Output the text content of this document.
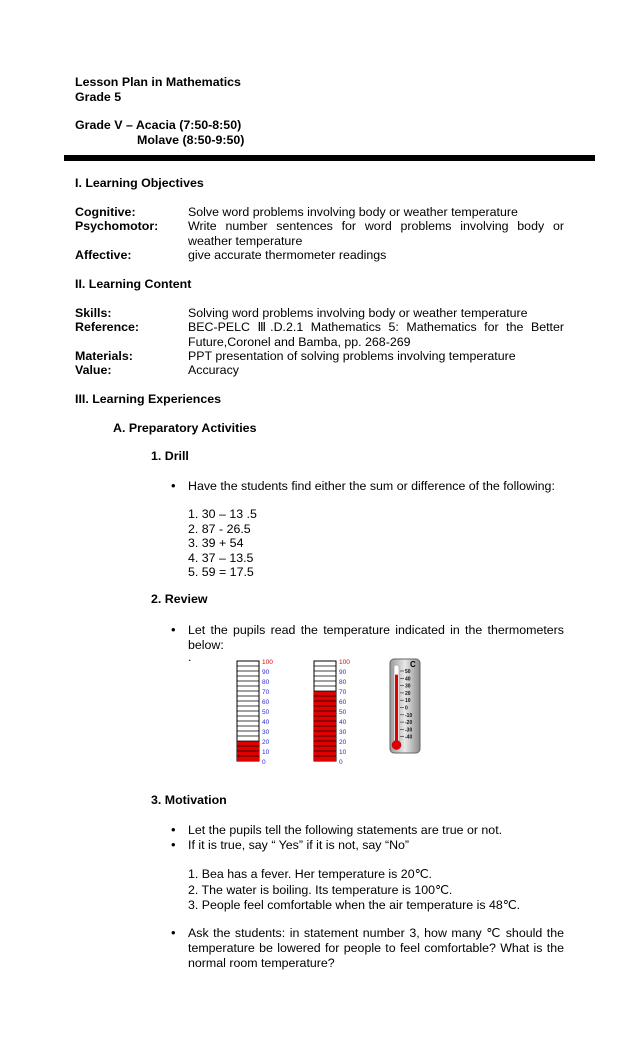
Lesson Plan in Mathematics
Grade 5
Grade V – Acacia (7:50-8:50)
Molave (8:50-9:50)
I. Learning Objectives
Cognitive:	Solve word problems involving body or weather temperature
Psychomotor: Write number sentences for word problems involving body or weather temperature
Affective:	give accurate thermometer readings
II. Learning Content
Skills:	Solving word problems involving body or weather temperature
Reference:	BEC-PELC Ⅲ.D.2.1 Mathematics 5: Mathematics for the Better Future,Coronel and Bamba, pp. 268-269
Materials:	PPT presentation of solving problems involving temperature
Value:	Accuracy
III. Learning Experiences
A. Preparatory Activities
1. Drill
• Have the students find either the sum or difference of the following:
1. 30 – 13 .5
2. 87 - 26.5
3. 39 + 54
4. 37 – 13.5
5. 59 = 17.5
2. Review
• Let the pupils read the temperature indicated in the thermometers below:
.	100
90
80
70
60
50
40
30
20
10
0
100
90
80
70
60
50
40
30
20
10
0
C
50
40
30
20
10
0
-10
-20
-30
-40
3. Motivation
• Let the pupils tell the following statements are true or not.
• If it is true, say “ Yes” if it is not, say “No”
1. Bea has a fever. Her temperature is 20℃.
2. The water is boiling. Its temperature is 100℃.
3. People feel comfortable when the air temperature is 48℃.
• Ask the students: in statement number 3, how many ℃ should the temperature be lowered for people to feel comfortable? What is the normal room temperature?
